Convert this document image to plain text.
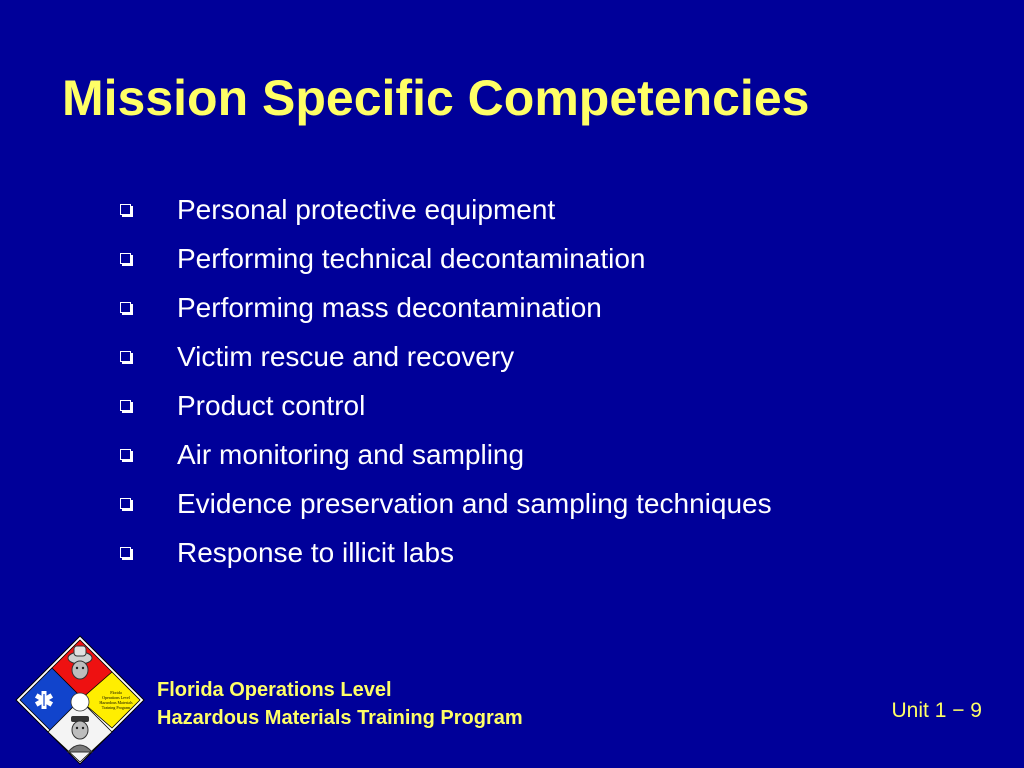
Mission Specific Competencies
Personal protective equipment
Performing technical decontamination
Performing mass decontamination
Victim rescue and recovery
Product control
Air monitoring and sampling
Evidence preservation and sampling techniques
Response to illicit labs
Florida
Operations Level
Hazardous Materials
Training Program
Florida Operations Level
Hazardous Materials Training Program	Unit 1 − 9
